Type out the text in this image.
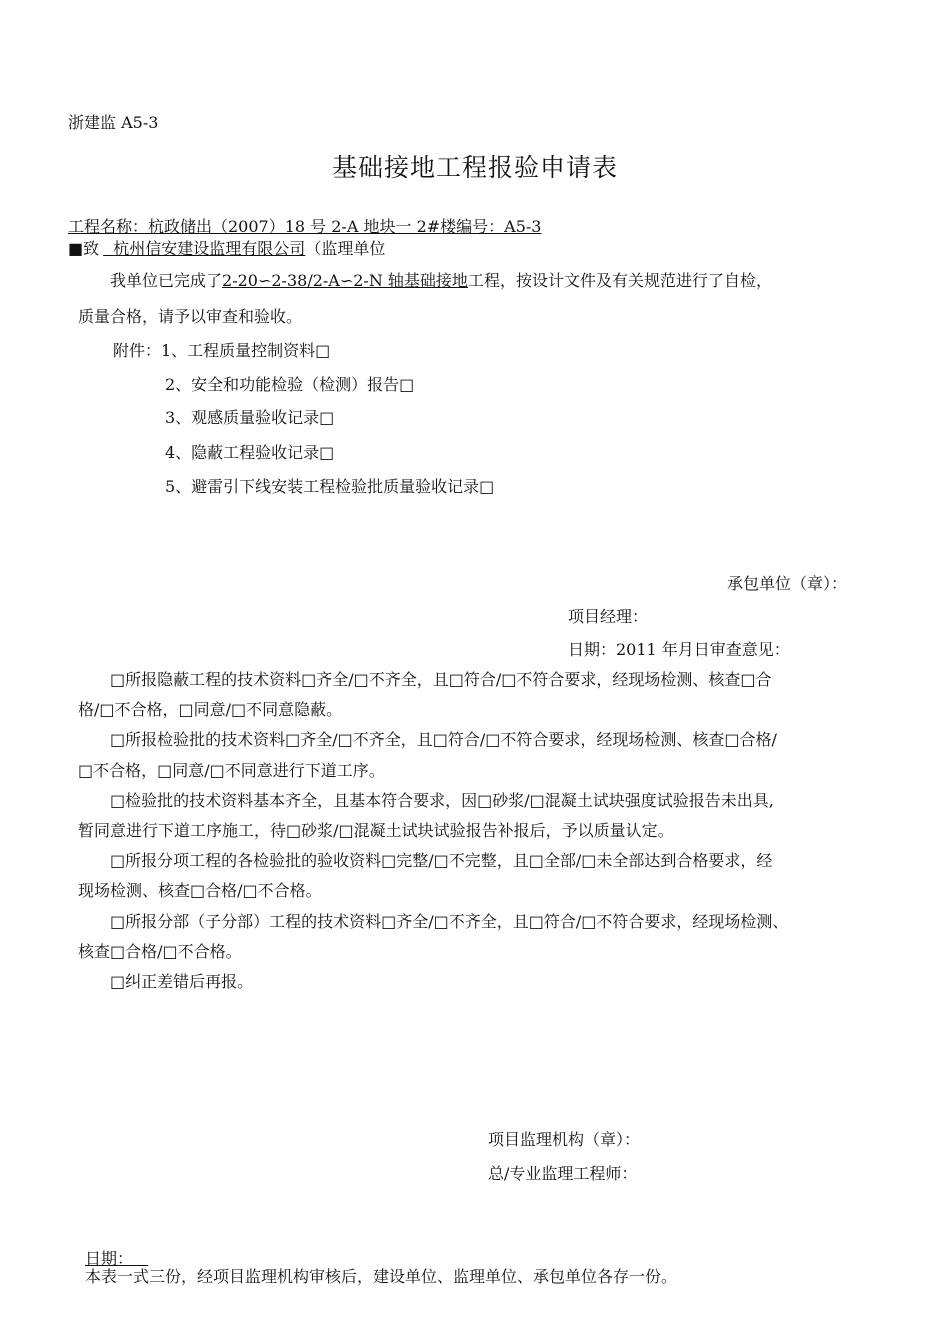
浙建监 A5-3
基础接地工程报验申请表
工程名称：杭政储出（2007）18 号 2-A 地块一 2#楼编号：A5-3
■致 杭州信安建设监理有限公司（监理单位
我单位已完成了2-20∽2-38/2-A∽2-N 轴基础接地工程，按设计文件及有关规范进行了自检，
质量合格，请予以审查和验收。
附件：1、工程质量控制资料□
2、安全和功能检验（检测）报告□
3、观感质量验收记录□
4、隐蔽工程验收记录□
5、避雷引下线安装工程检验批质量验收记录□
承包单位（章）：
项目经理：
日期：2011 年月日审查意见：
□所报隐蔽工程的技术资料□齐全/□不齐全，且□符合/□不符合要求，经现场检测、核查□合
格/□不合格，□同意/□不同意隐蔽。
□所报检验批的技术资料□齐全/□不齐全，且□符合/□不符合要求，经现场检测、核查□合格/
□不合格，□同意/□不同意进行下道工序。
□检验批的技术资料基本齐全，且基本符合要求，因□砂浆/□混凝土试块强度试验报告未出具,
暂同意进行下道工序施工，待□砂浆/□混凝土试块试验报告补报后，予以质量认定。
□所报分项工程的各检验批的验收资料□完整/□不完整，且□全部/□未全部达到合格要求，经
现场检测、核查□合格/□不合格。
□所报分部（子分部）工程的技术资料□齐全/□不齐全，且□符合/□不符合要求，经现场检测、
核查□合格/□不合格。
□纠正差错后再报。
项目监理机构（章）：
总/专业监理工程师：
日期：
本表一式三份，经项目监理机构审核后，建设单位、监理单位、承包单位各存一份。
